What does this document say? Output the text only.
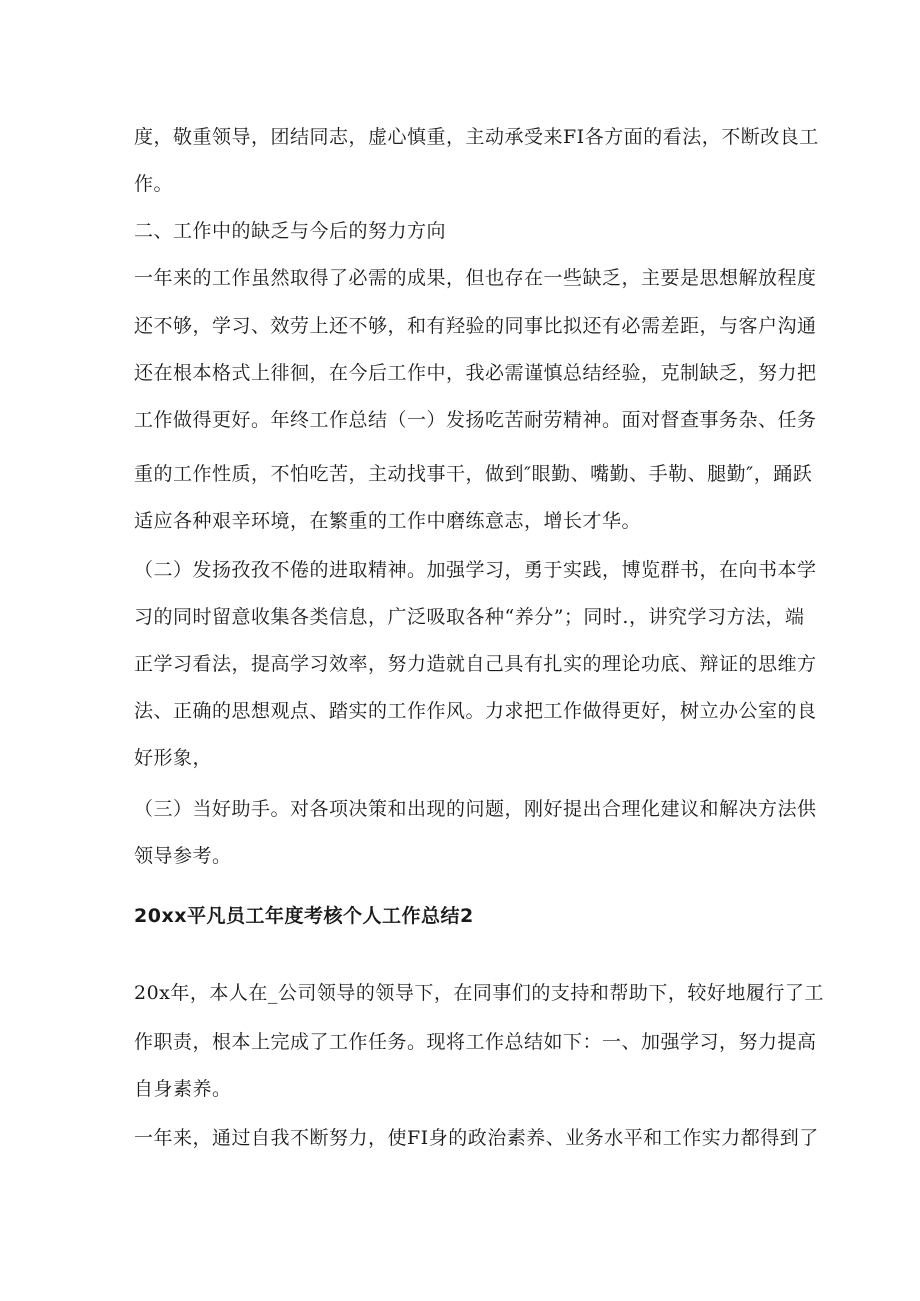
度，敬重领导，团结同志，虚心慎重，主动承受来FI各方面的看法，不断改良工
作。
二、工作中的缺乏与今后的努力方向
一年来的工作虽然取得了必需的成果，但也存在一些缺乏，主要是思想解放程度
还不够，学习、效劳上还不够，和有羟验的同事比拟还有必需差距，与客户沟通
还在根本格式上徘徊，在今后工作中，我必需谨慎总结经验，克制缺乏，努力把
工作做得更好。年终工作总结（一）发扬吃苦耐劳精神。面对督查事务杂、任务
重的工作性质，不怕吃苦，主动找事干，做到″眼勤、嘴勤、手勒、腿勤″，踊跃
适应各种艰辛环境，在繁重的工作中磨练意志，增长才华。
（二）发扬孜孜不倦的进取精神。加强学习，勇于实践，博览群书，在向书本学
习的同时留意收集各类信息，广泛吸取各种“养分”；同时.，讲究学习方法，端
正学习看法，提高学习效率，努力造就自己具有扎实的理论功底、辩证的思维方
法、正确的思想观点、踏实的工作作风。力求把工作做得更好，树立办公室的良
好形象，
（三）当好助手。对各项决策和出现的问题，刚好提出合理化建议和解决方法供
领导参考。
20xx平凡员工年度考核个人工作总结2
20x年，本人在_公司领导的领导下，在同事们的支持和帮助下，较好地履行了工
作职责，根本上完成了工作任务。现将工作总结如下：一、加强学习，努力提高
自身素养。
一年来，通过自我不断努力，使FI身的政治素养、业务水平和工作实力都得到了
